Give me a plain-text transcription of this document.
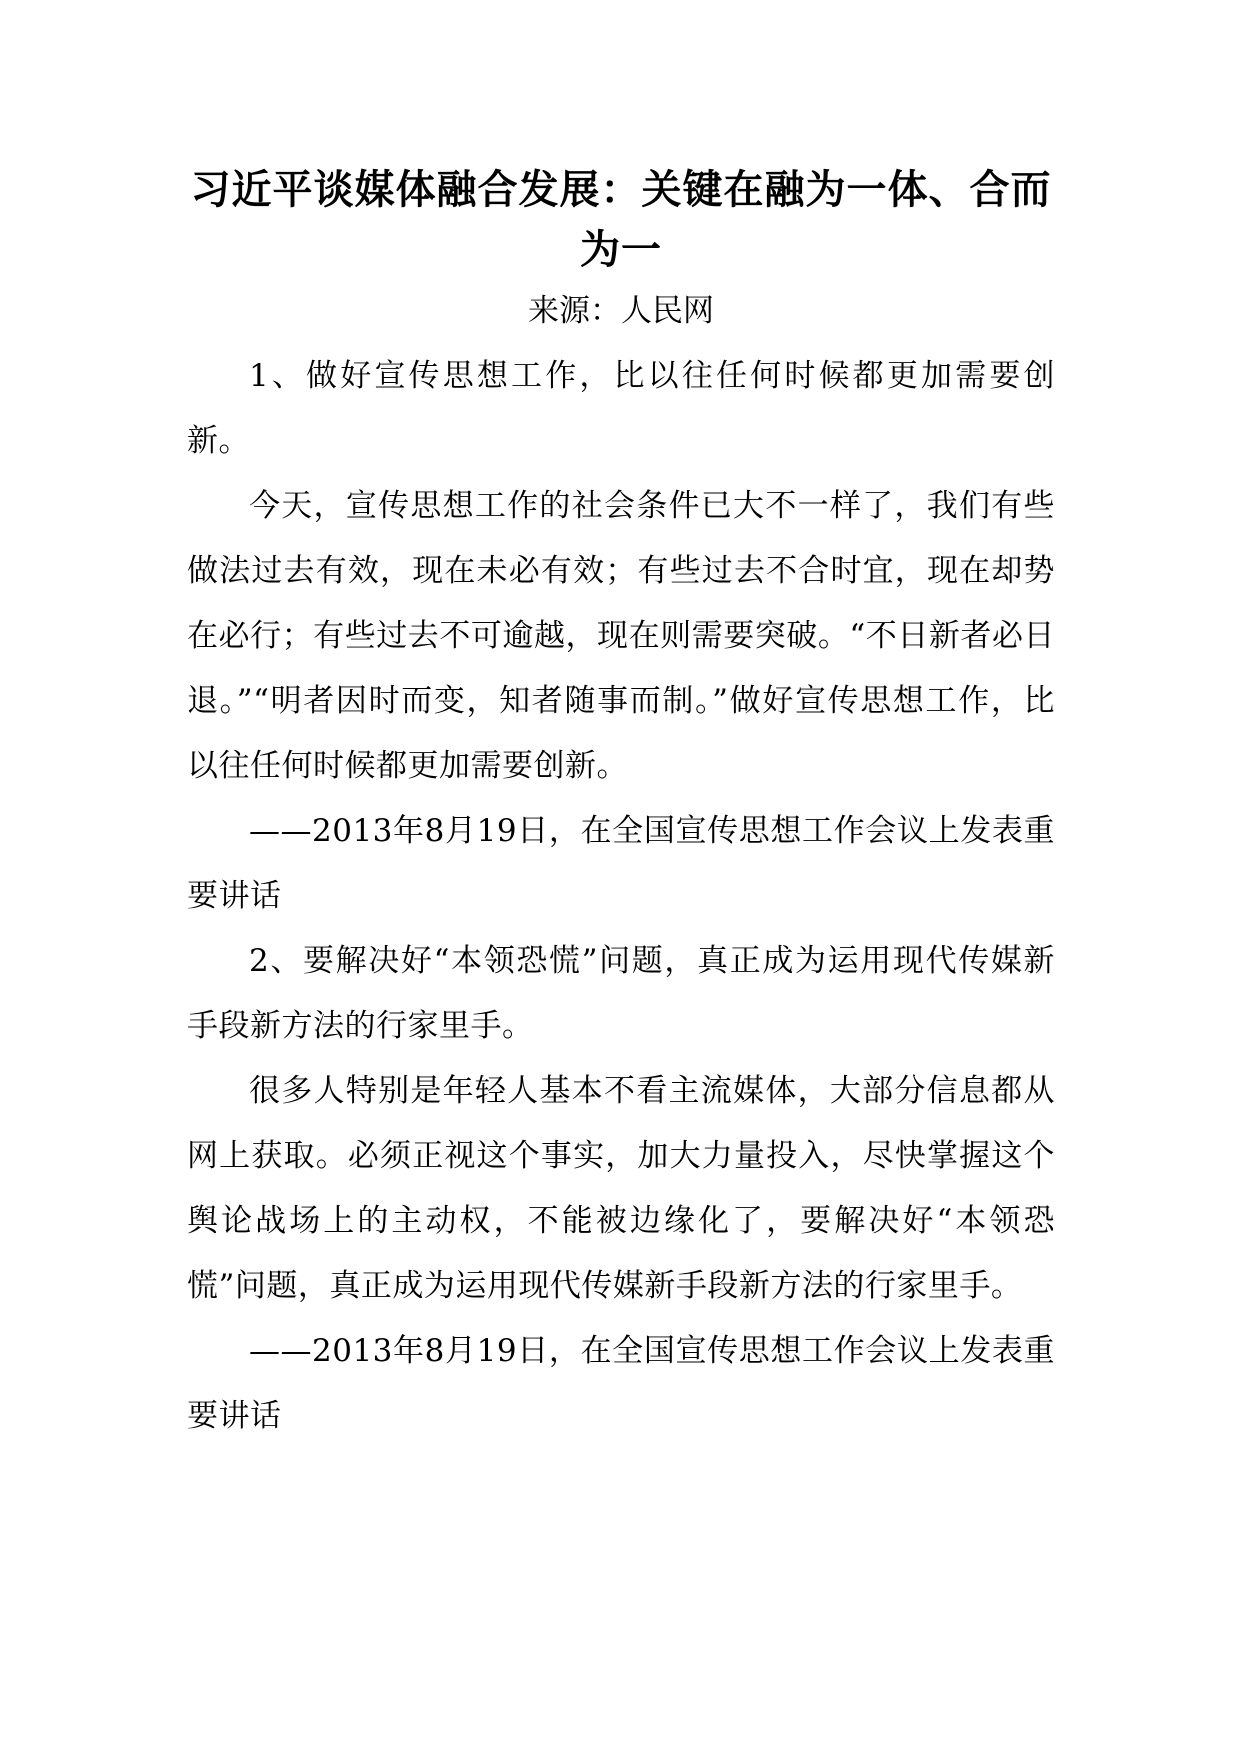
习近平谈媒体融合发展：关键在融为一体、合而为一

来源：人民网

1、做好宣传思想工作，比以往任何时候都更加需要创新。

今天，宣传思想工作的社会条件已大不一样了，我们有些做法过去有效，现在未必有效；有些过去不合时宜，现在却势在必行；有些过去不可逾越，现在则需要突破。“不日新者必日退。”“明者因时而变，知者随事而制。”做好宣传思想工作，比以往任何时候都更加需要创新。

——2013年8月19日，在全国宣传思想工作会议上发表重要讲话

2、要解决好“本领恐慌”问题，真正成为运用现代传媒新手段新方法的行家里手。

很多人特别是年轻人基本不看主流媒体，大部分信息都从网上获取。必须正视这个事实，加大力量投入，尽快掌握这个舆论战场上的主动权，不能被边缘化了，要解决好“本领恐慌”问题，真正成为运用现代传媒新手段新方法的行家里手。

——2013年8月19日，在全国宣传思想工作会议上发表重要讲话
